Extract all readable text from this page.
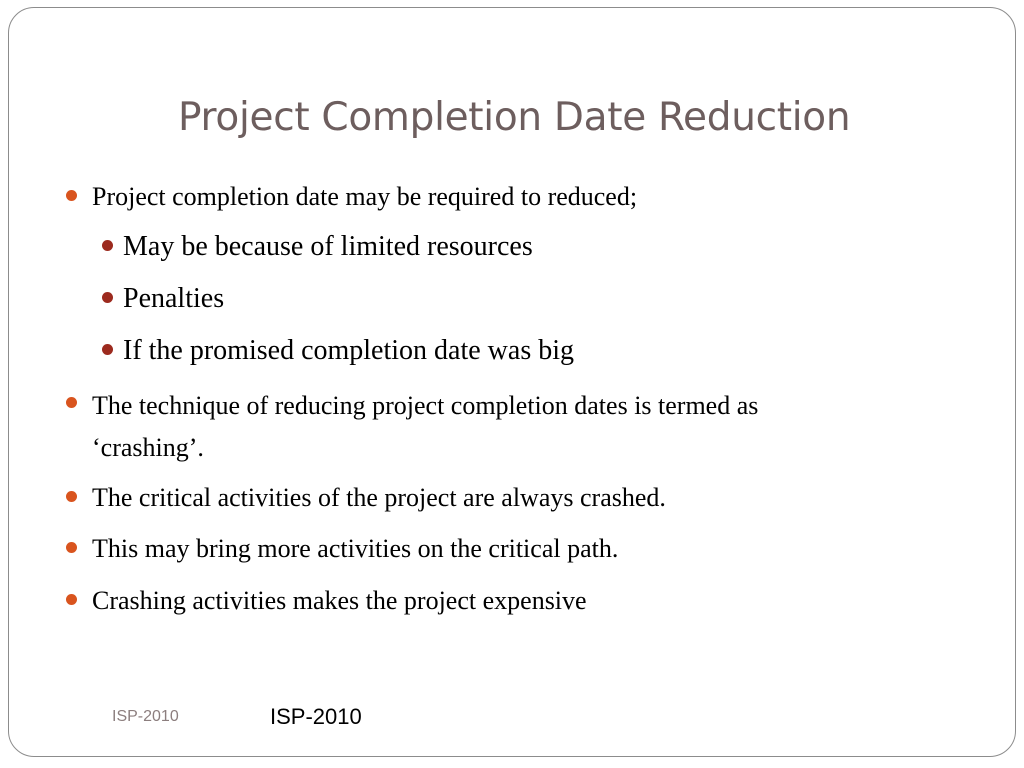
Project Completion Date Reduction

Project completion date may be required to reduced;

May be because of limited resources

Penalties

If the promised completion date was big

The technique of reducing project completion dates is termed as
‘crashing’.

The critical activities of the project are always crashed.

This may bring more activities on the critical path.

Crashing activities makes the project expensive

ISP-2010	ISP-2010
